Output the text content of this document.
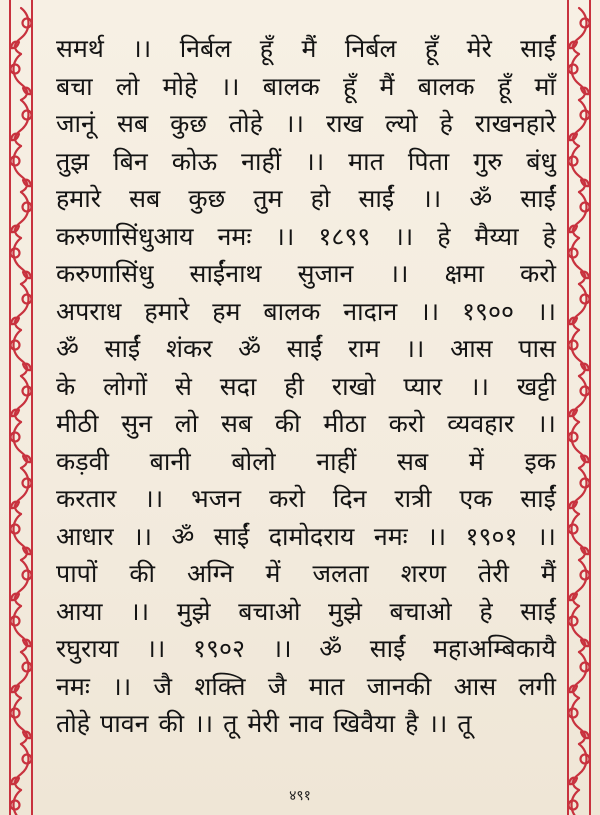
समर्थ ।। निर्बल हूँ मैं निर्बल हूँ मेरे साईं
बचा लो मोहे ।। बालक हूँ मैं बालक हूँ माँ
जानूं सब कुछ तोहे ।। राख ल्यो हे राखनहारे
तुझ बिन कोऊ नाहीं ।। मात पिता गुरु बंधु
हमारे सब कुछ तुम हो साईं ।। ॐ साईं
करुणासिंधुआय नमः ।। १८९९ ।। हे मैय्या हे
करुणासिंधु साईंनाथ सुजान ।। क्षमा करो
अपराध हमारे हम बालक नादान ।। १९०० ।।
ॐ साईं शंकर ॐ साईं राम ।। आस पास
के लोगों से सदा ही राखो प्यार ।। खट्टी
मीठी सुन लो सब की मीठा करो व्यवहार ।।
कड़वी बानी बोलो नाहीं सब में इक
करतार ।। भजन करो दिन रात्री एक साईं
आधार ।। ॐ साईं दामोदराय नमः ।। १९०१ ।।
पापों की अग्नि में जलता शरण तेरी मैं
आया ।। मुझे बचाओ मुझे बचाओ हे साईं
रघुराया ।। १९०२ ।। ॐ साईं महाअम्बिकायै
नमः ।। जै शक्ति जै मात जानकी आस लगी
तोहे पावन की ।। तू मेरी नाव खिवैया है ।। तू
४९१
